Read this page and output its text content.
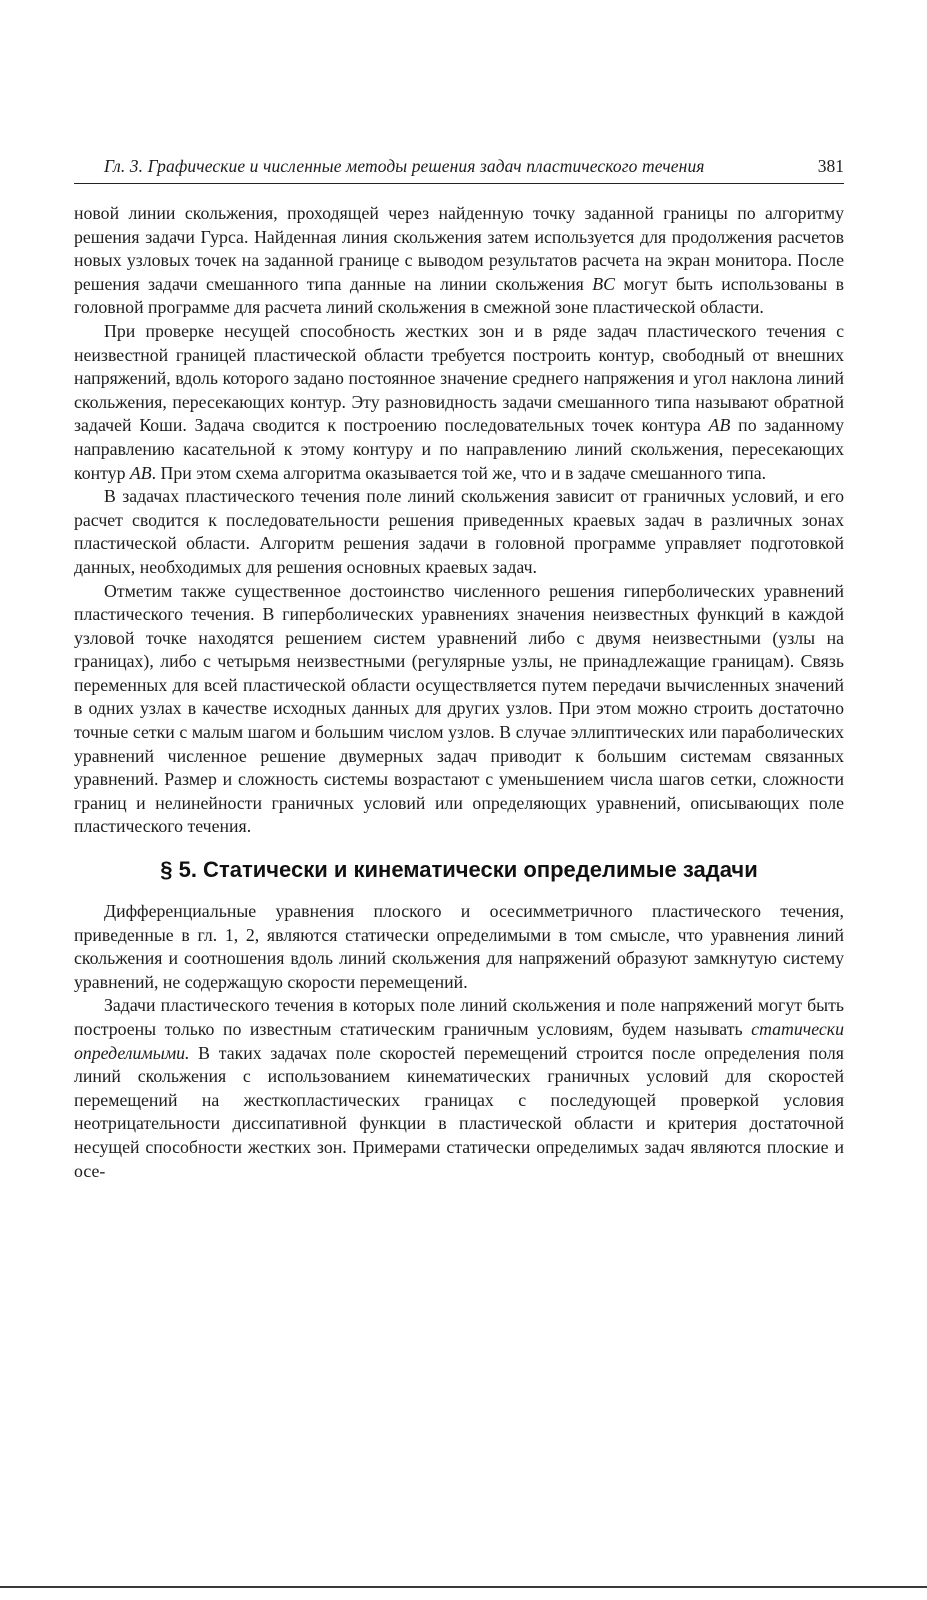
Гл. 3. Графические и численные методы решения задач пластического течения	381

новой линии скольжения, проходящей через найденную точку заданной границы по алгоритму решения задачи Гурса. Найденная линия скольжения затем используется для продолжения расчетов новых узловых точек на заданной границе с выводом результатов расчета на экран монитора. После решения задачи смешанного типа данные на линии скольжения BC могут быть использованы в головной программе для расчета линий скольжения в смежной зоне пластической области.

При проверке несущей способность жестких зон и в ряде задач пластического течения с неизвестной границей пластической области требуется построить контур, свободный от внешних напряжений, вдоль которого задано постоянное значение среднего напряжения и угол наклона линий скольжения, пересекающих контур. Эту разновидность задачи смешанного типа называют обратной задачей Коши. Задача сводится к построению последовательных точек контура AB по заданному направлению касательной к этому контуру и по направлению линий скольжения, пересекающих контур AB. При этом схема алгоритма оказывается той же, что и в задаче смешанного типа.

В задачах пластического течения поле линий скольжения зависит от граничных условий, и его расчет сводится к последовательности решения приведенных краевых задач в различных зонах пластической области. Алгоритм решения задачи в головной программе управляет подготовкой данных, необходимых для решения основных краевых задач.

Отметим также существенное достоинство численного решения гиперболических уравнений пластического течения. В гиперболических уравнениях значения неизвестных функций в каждой узловой точке находятся решением систем уравнений либо с двумя неизвестными (узлы на границах), либо с четырьмя неизвестными (регулярные узлы, не принадлежащие границам). Связь переменных для всей пластической области осуществляется путем передачи вычисленных значений в одних узлах в качестве исходных данных для других узлов. При этом можно строить достаточно точные сетки с малым шагом и большим числом узлов. В случае эллиптических или параболических уравнений численное решение двумерных задач приводит к большим системам связанных уравнений. Размер и сложность системы возрастают с уменьшением числа шагов сетки, сложности границ и нелинейности граничных условий или определяющих уравнений, описывающих поле пластического течения.

§ 5. Статически и кинематически определимые задачи

Дифференциальные уравнения плоского и осесимметричного пластического течения, приведенные в гл. 1, 2, являются статически определимыми в том смысле, что уравнения линий скольжения и соотношения вдоль линий скольжения для напряжений образуют замкнутую систему уравнений, не содержащую скорости перемещений.

Задачи пластического течения в которых поле линий скольжения и поле напряжений могут быть построены только по известным статическим граничным условиям, будем называть статически определимыми. В таких задачах поле скоростей перемещений строится после определения поля линий скольжения с использованием кинематических граничных условий для скоростей перемещений на жесткопластических границах с последующей проверкой условия неотрицательности диссипативной функции в пластической области и критерия достаточной несущей способности жестких зон. Примерами статически определимых задач являются плоские и осе-
